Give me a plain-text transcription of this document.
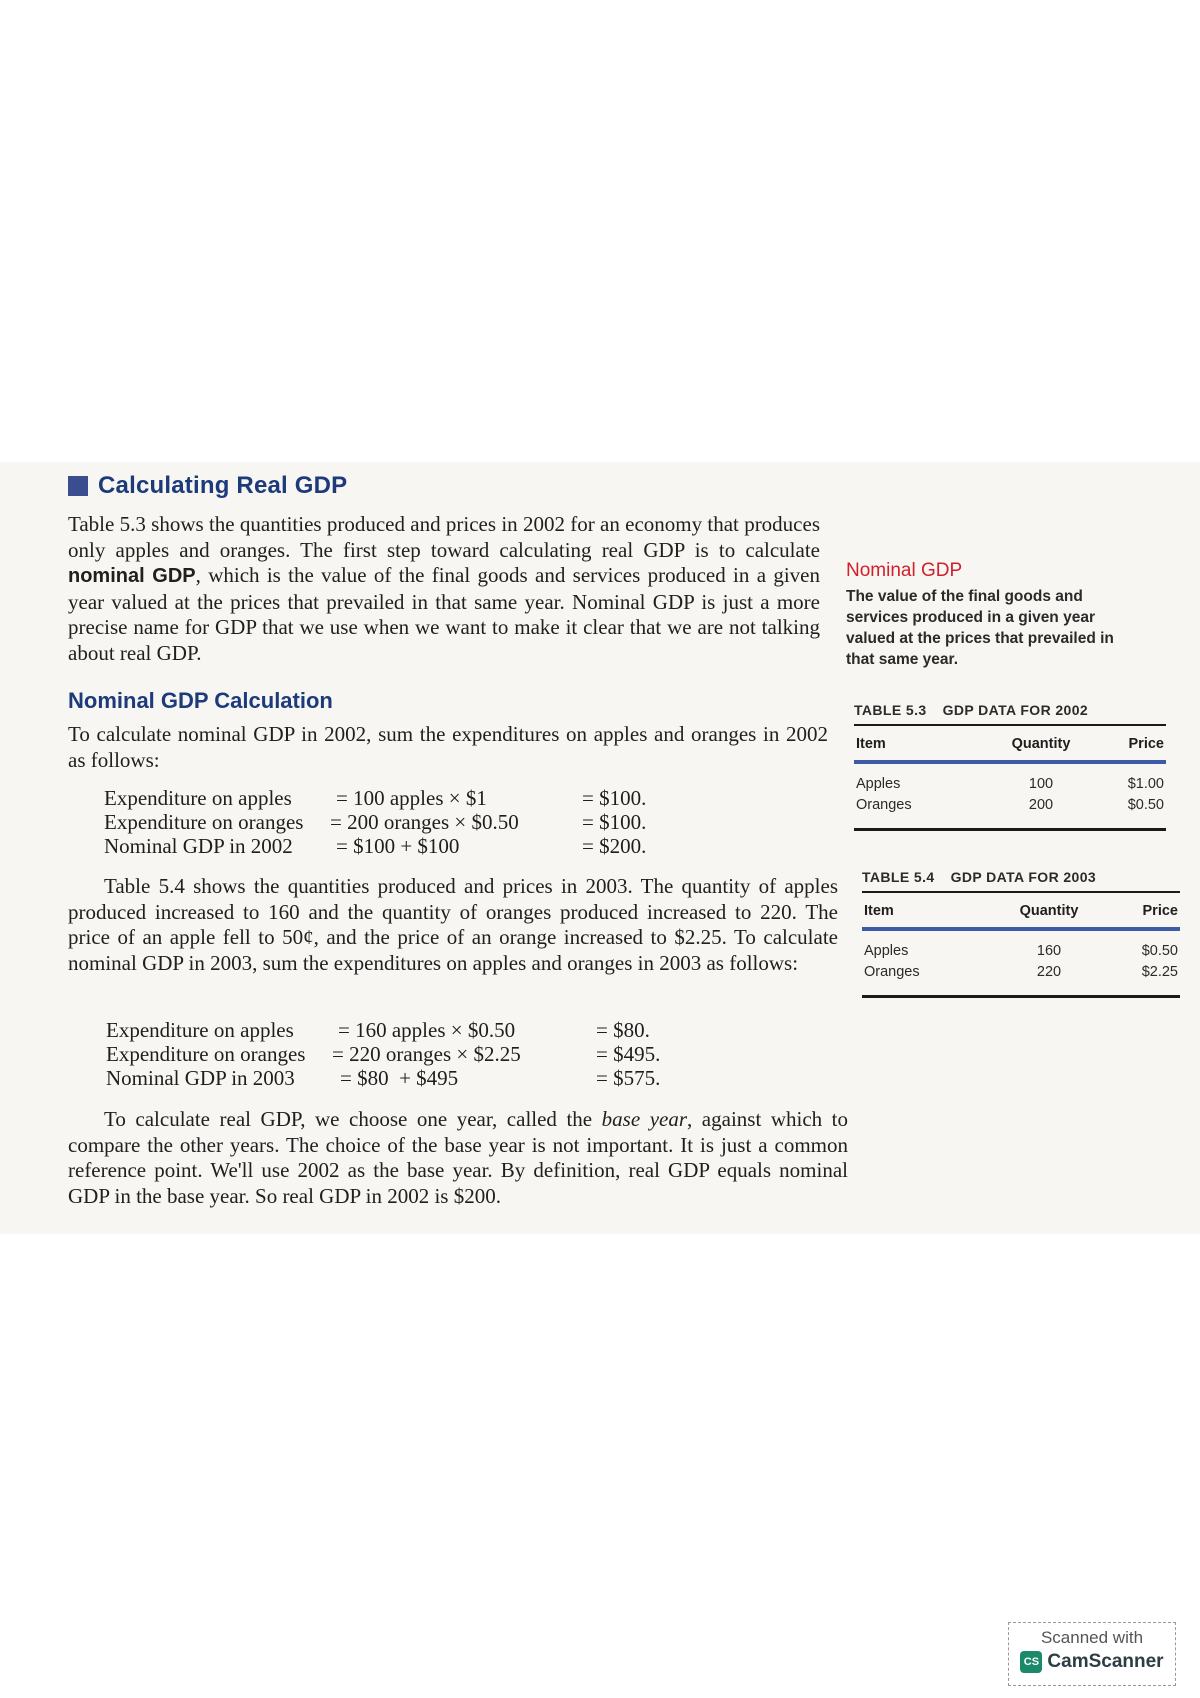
Calculating Real GDP

Table 5.3 shows the quantities produced and prices in 2002 for an economy that produces only apples and oranges. The first step toward calculating real GDP is to calculate nominal GDP, which is the value of the final goods and services produced in a given year valued at the prices that prevailed in that same year. Nominal GDP is just a more precise name for GDP that we use when we want to make it clear that we are not talking about real GDP.

Nominal GDP Calculation

To calculate nominal GDP in 2002, sum the expenditures on apples and oranges in 2002 as follows:

Expenditure on apples = 100 apples × $1	= $100.
Expenditure on oranges = 200 oranges × $0.50	= $100.
Nominal GDP in 2002 = $100 + $100	= $200.

Table 5.4 shows the quantities produced and prices in 2003. The quantity of apples produced increased to 160 and the quantity of oranges produced increased to 220. The price of an apple fell to 50¢, and the price of an orange increased to $2.25. To calculate nominal GDP in 2003, sum the expenditures on apples and oranges in 2003 as follows:

Expenditure on apples = 160 apples × $0.50	= $80.
Expenditure on oranges = 220 oranges × $2.25	= $495.
Nominal GDP in 2003 = $80  + $495	= $575.

To calculate real GDP, we choose one year, called the base year, against which to compare the other years. The choice of the base year is not important. It is just a common reference point. We'll use 2002 as the base year. By definition, real GDP equals nominal GDP in the base year. So real GDP in 2002 is $200.

Nominal GDP
The value of the final goods and services produced in a given year valued at the prices that prevailed in that same year.
TABLE 5.3 GDP DATA FOR 2002
Item	Quantity	Price
Apples	100	$1.00
Oranges	200	$0.50
TABLE 5.4 GDP DATA FOR 2003
Item	Quantity	Price
Apples	160	$0.50
Oranges	220	$2.25
Scanned with
CS CamScanner
